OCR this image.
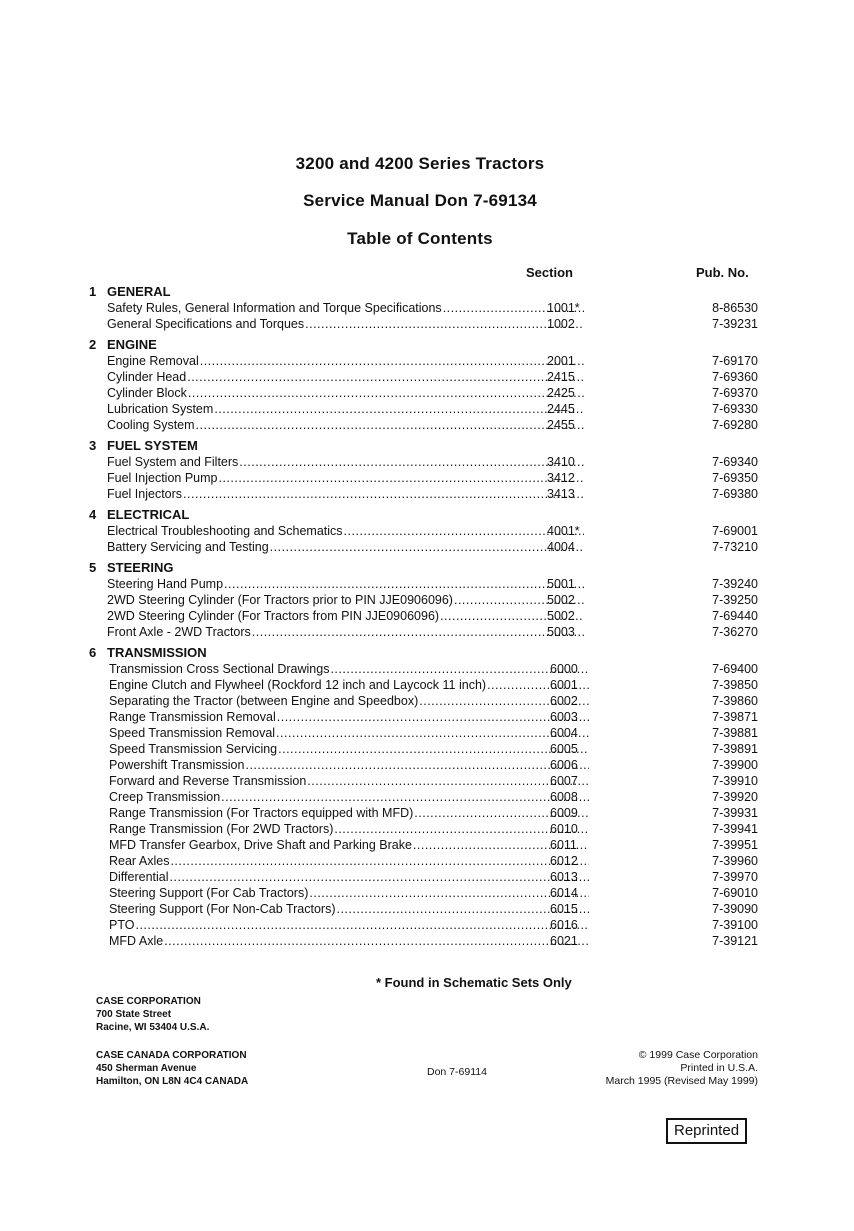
3200 and 4200 Series Tractors
Service Manual Don 7-69134
Table of Contents
Section	Pub. No.
1 GENERAL
Safety Rules, General Information and Torque Specifications .....	1001*	8-86530
General Specifications and Torques .....	1002	7-39231
2 ENGINE
Engine Removal .....	2001	7-69170
Cylinder Head .....	2415	7-69360
Cylinder Block .....	2425	7-69370
Lubrication System .....	2445	7-69330
Cooling System .....	2455	7-69280
3 FUEL SYSTEM
Fuel System and Filters .....	3410	7-69340
Fuel Injection Pump .....	3412	7-69350
Fuel Injectors .....	3413	7-69380
4 ELECTRICAL
Electrical Troubleshooting and Schematics .....	4001*	7-69001
Battery Servicing and Testing .....	4004	7-73210
5 STEERING
Steering Hand Pump .....	5001	7-39240
2WD Steering Cylinder (For Tractors prior to PIN JJE0906096) .....	5002	7-39250
2WD Steering Cylinder (For Tractors from PIN JJE0906096) .....	5002	7-69440
Front Axle - 2WD Tractors .....	5003	7-36270
6 TRANSMISSION
Transmission Cross Sectional Drawings .....	6000	7-69400
Engine Clutch and Flywheel (Rockford 12 inch and Laycock 11 inch) .....	6001	7-39850
Separating the Tractor (between Engine and Speedbox) .....	6002	7-39860
Range Transmission Removal .....	6003	7-39871
Speed Transmission Removal .....	6004	7-39881
Speed Transmission Servicing .....	6005	7-39891
Powershift Transmission .....	6006	7-39900
Forward and Reverse Transmission .....	6007	7-39910
Creep Transmission .....	6008	7-39920
Range Transmission (For Tractors equipped with MFD) .....	6009	7-39931
Range Transmission (For 2WD Tractors) .....	6010	7-39941
MFD Transfer Gearbox, Drive Shaft and Parking Brake .....	6011	7-39951
Rear Axles .....	6012	7-39960
Differential .....	6013	7-39970
Steering Support (For Cab Tractors) .....	6014	7-69010
Steering Support (For Non-Cab Tractors) .....	6015	7-39090
PTO .....	6016	7-39100
MFD Axle .....	6021	7-39121
* Found in Schematic Sets Only
CASE CORPORATION
700 State Street
Racine, WI 53404 U.S.A.
CASE CANADA CORPORATION
450 Sherman Avenue
Hamilton, ON L8N 4C4 CANADA
Don 7-69114
© 1999 Case Corporation
Printed in U.S.A.
March 1995 (Revised May 1999)
Reprinted
